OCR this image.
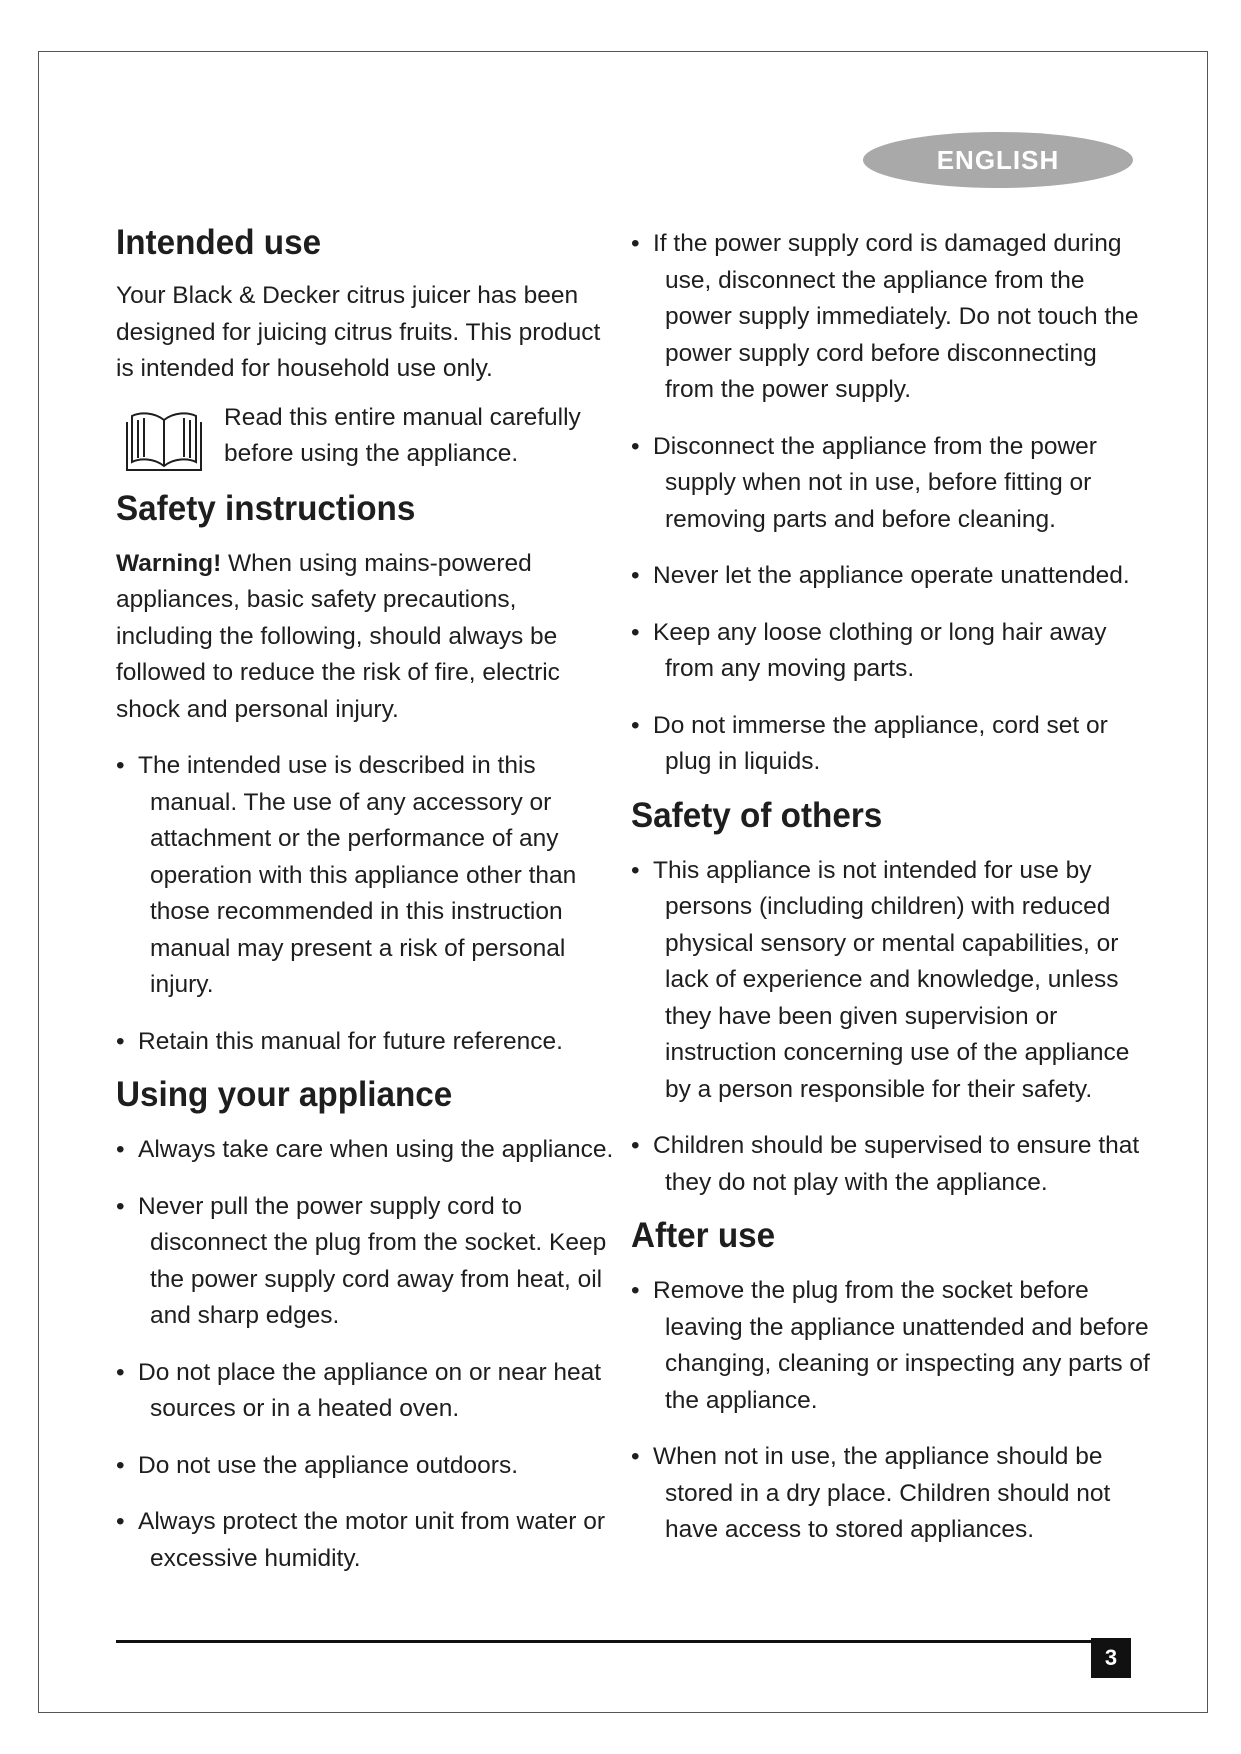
ENGLISH
Intended use

Your Black & Decker citrus juicer has been designed for juicing citrus fruits. This product is intended for household use only.

Read this entire manual carefully before using the appliance.

Safety instructions

Warning! When using mains-powered appliances, basic safety precautions, including the following, should always be followed to reduce the risk of fire, electric shock and personal injury.

• The intended use is described in this manual. The use of any accessory or attachment or the performance of any operation with this appliance other than those recommended in this instruction manual may present a risk of personal injury.

• Retain this manual for future reference.

Using your appliance

• Always take care when using the appliance.

• Never pull the power supply cord to disconnect the plug from the socket. Keep the power supply cord away from heat, oil and sharp edges.

• Do not place the appliance on or near heat sources or in a heated oven.

• Do not use the appliance outdoors.

• Always protect the motor unit from water or excessive humidity.

• If the power supply cord is damaged during use, disconnect the appliance from the power supply immediately. Do not touch the power supply cord before disconnecting from the power supply.

• Disconnect the appliance from the power supply when not in use, before fitting or removing parts and before cleaning.

• Never let the appliance operate unattended.

• Keep any loose clothing or long hair away from any moving parts.

• Do not immerse the appliance, cord set or plug in liquids.

Safety of others

• This appliance is not intended for use by persons (including children) with reduced physical sensory or mental capabilities, or lack of experience and knowledge, unless they have been given supervision or instruction concerning use of the appliance by a person responsible for their safety.

• Children should be supervised to ensure that they do not play with the appliance.

After use

• Remove the plug from the socket before leaving the appliance unattended and before changing, cleaning or inspecting any parts of the appliance.

• When not in use, the appliance should be stored in a dry place. Children should not have access to stored appliances.

3
